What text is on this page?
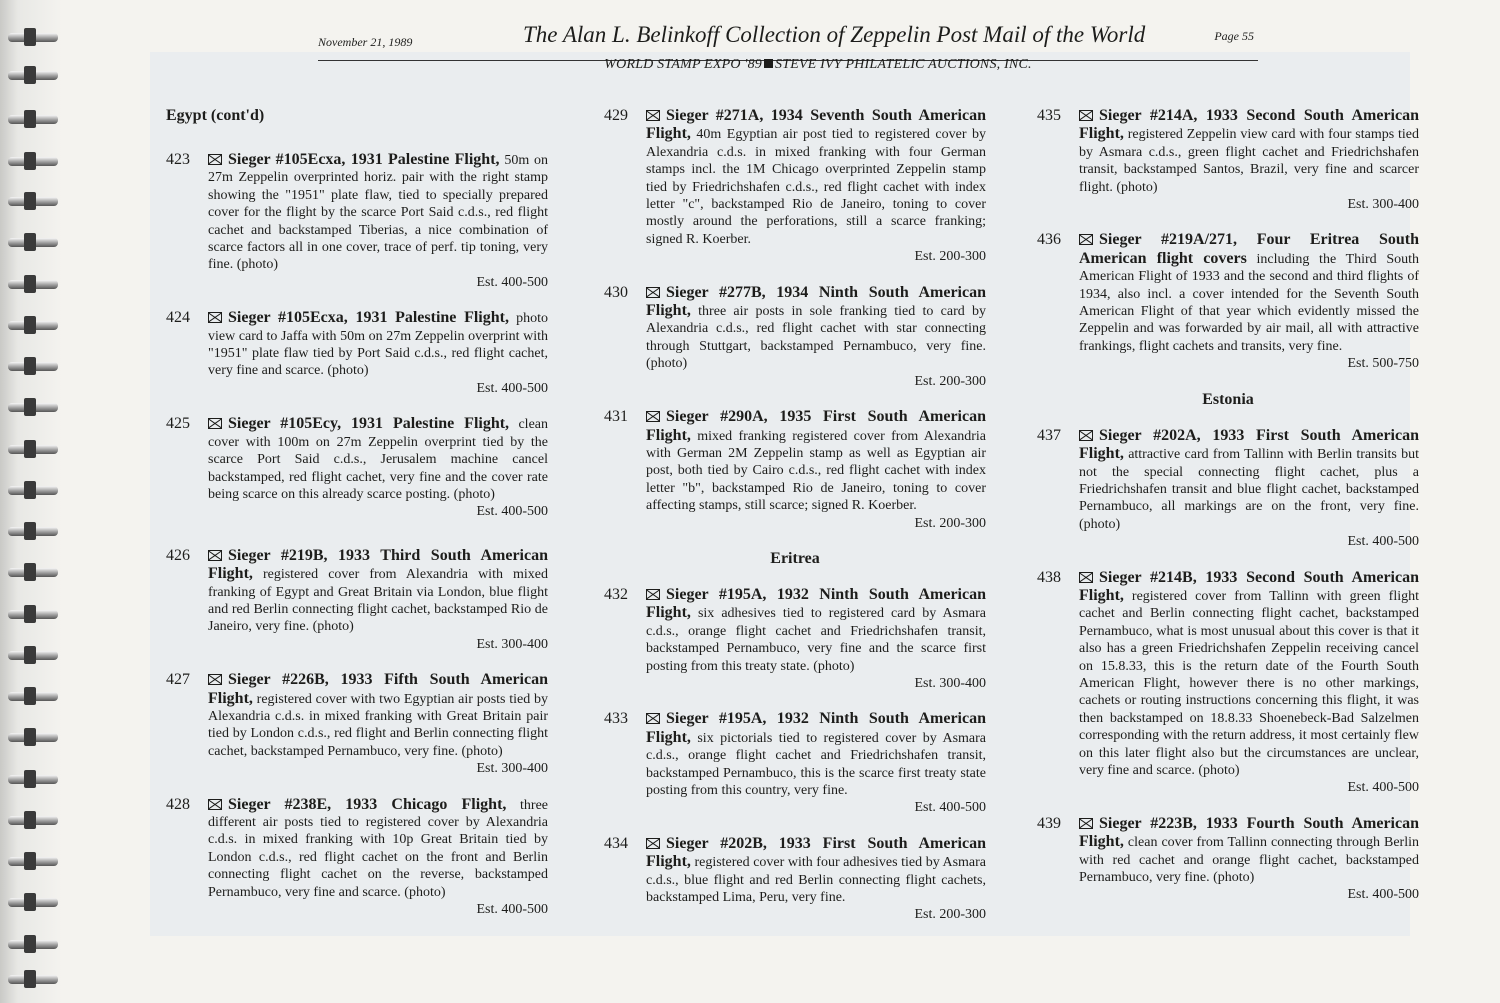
November 21, 1989	The Alan L. Belinkoff Collection of Zeppelin Post Mail of the World	Page 55
WORLD STAMP EXPO '89 STEVE IVY PHILATELIC AUCTIONS, INC.
Egypt (cont'd)
423 Sieger #105Ecxa, 1931 Palestine Flight, 50m on 27m Zeppelin overprinted horiz. pair with the right stamp showing the "1951" plate flaw, tied to specially prepared cover for the flight by the scarce Port Said c.d.s., red flight cachet and backstamped Tiberias, a nice combination of scarce factors all in one cover, trace of perf. tip toning, very fine. (photo)
Est. 400-500
424 Sieger #105Ecxa, 1931 Palestine Flight, photo view card to Jaffa with 50m on 27m Zeppelin overprint with "1951" plate flaw tied by Port Said c.d.s., red flight cachet, very fine and scarce. (photo)
Est. 400-500
425 Sieger #105Ecy, 1931 Palestine Flight, clean cover with 100m on 27m Zeppelin overprint tied by the scarce Port Said c.d.s., Jerusalem machine cancel backstamped, red flight cachet, very fine and the cover rate being scarce on this already scarce posting. (photo)
Est. 400-500
426 Sieger #219B, 1933 Third South American Flight, registered cover from Alexandria with mixed franking of Egypt and Great Britain via London, blue flight and red Berlin connecting flight cachet, backstamped Rio de Janeiro, very fine. (photo)
Est. 300-400
427 Sieger #226B, 1933 Fifth South American Flight, registered cover with two Egyptian air posts tied by Alexandria c.d.s. in mixed franking with Great Britain pair tied by London c.d.s., red flight and Berlin connecting flight cachet, backstamped Pernambuco, very fine. (photo)
Est. 300-400
428 Sieger #238E, 1933 Chicago Flight, three different air posts tied to registered cover by Alexandria c.d.s. in mixed franking with 10p Great Britain tied by London c.d.s., red flight cachet on the front and Berlin connecting flight cachet on the reverse, backstamped Pernambuco, very fine and scarce. (photo)
Est. 400-500
429 Sieger #271A, 1934 Seventh South American Flight, 40m Egyptian air post tied to registered cover by Alexandria c.d.s. in mixed franking with four German stamps incl. the 1M Chicago overprinted Zeppelin stamp tied by Friedrichshafen c.d.s., red flight cachet with index letter "c", backstamped Rio de Janeiro, toning to cover mostly around the perforations, still a scarce franking; signed R. Koerber.
Est. 200-300
430 Sieger #277B, 1934 Ninth South American Flight, three air posts in sole franking tied to card by Alexandria c.d.s., red flight cachet with star connecting through Stuttgart, backstamped Pernambuco, very fine. (photo)
Est. 200-300
431 Sieger #290A, 1935 First South American Flight, mixed franking registered cover from Alexandria with German 2M Zeppelin stamp as well as Egyptian air post, both tied by Cairo c.d.s., red flight cachet with index letter "b", backstamped Rio de Janeiro, toning to cover affecting stamps, still scarce; signed R. Koerber.
Est. 200-300
Eritrea
432 Sieger #195A, 1932 Ninth South American Flight, six adhesives tied to registered card by Asmara c.d.s., orange flight cachet and Friedrichshafen transit, backstamped Pernambuco, very fine and the scarce first posting from this treaty state. (photo)
Est. 300-400
433 Sieger #195A, 1932 Ninth South American Flight, six pictorials tied to registered cover by Asmara c.d.s., orange flight cachet and Friedrichshafen transit, backstamped Pernambuco, this is the scarce first treaty state posting from this country, very fine.
Est. 400-500
434 Sieger #202B, 1933 First South American Flight, registered cover with four adhesives tied by Asmara c.d.s., blue flight and red Berlin connecting flight cachets, backstamped Lima, Peru, very fine.
Est. 200-300
435 Sieger #214A, 1933 Second South American Flight, registered Zeppelin view card with four stamps tied by Asmara c.d.s., green flight cachet and Friedrichshafen transit, backstamped Santos, Brazil, very fine and scarcer flight. (photo)
Est. 300-400
436 Sieger #219A/271, Four Eritrea South American flight covers including the Third South American Flight of 1933 and the second and third flights of 1934, also incl. a cover intended for the Seventh South American Flight of that year which evidently missed the Zeppelin and was forwarded by air mail, all with attractive frankings, flight cachets and transits, very fine.
Est. 500-750
Estonia
437 Sieger #202A, 1933 First South American Flight, attractive card from Tallinn with Berlin transits but not the special connecting flight cachet, plus a Friedrichshafen transit and blue flight cachet, backstamped Pernambuco, all markings are on the front, very fine. (photo)
Est. 400-500
438 Sieger #214B, 1933 Second South American Flight, registered cover from Tallinn with green flight cachet and Berlin connecting flight cachet, backstamped Pernambuco, what is most unusual about this cover is that it also has a green Friedrichshafen Zeppelin receiving cancel on 15.8.33, this is the return date of the Fourth South American Flight, however there is no other markings, cachets or routing instructions concerning this flight, it was then backstamped on 18.8.33 Shoenebeck-Bad Salzelmen corresponding with the return address, it most certainly flew on this later flight also but the circumstances are unclear, very fine and scarce. (photo)
Est. 400-500
439 Sieger #223B, 1933 Fourth South American Flight, clean cover from Tallinn connecting through Berlin with red cachet and orange flight cachet, backstamped Pernambuco, very fine. (photo)
Est. 400-500
